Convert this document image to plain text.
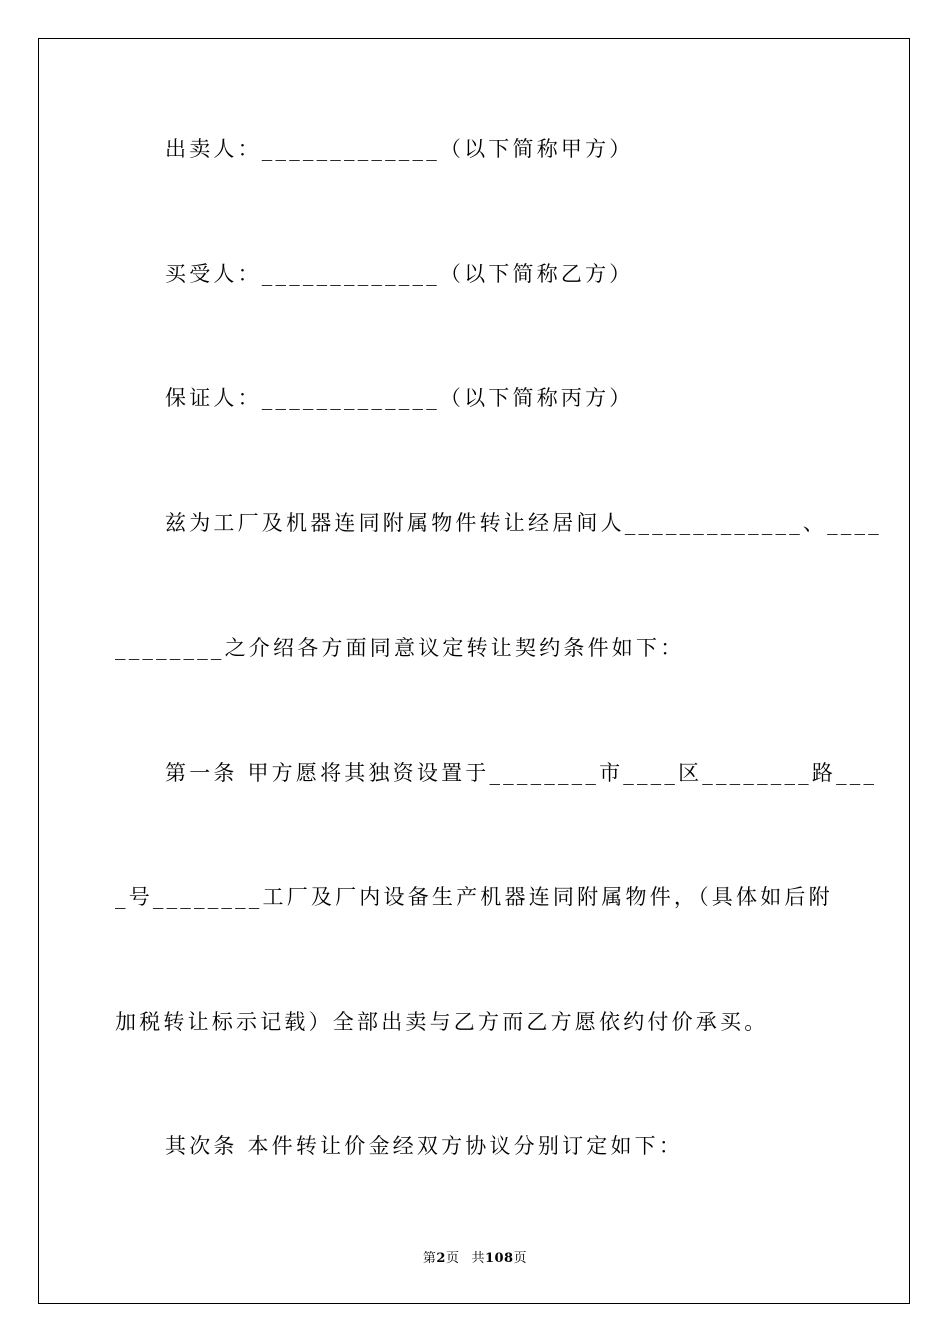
出卖人：_____________（以下简称甲方）
买受人：_____________（以下简称乙方）
保证人：_____________（以下简称丙方）
兹为工厂及机器连同附属物件转让经居间人_____________、____
________之介绍各方面同意议定转让契约条件如下：
第一条 甲方愿将其独资设置于________市____区________路___
_号________工厂及厂内设备生产机器连同附属物件，（具体如后附
加税转让标示记载）全部出卖与乙方而乙方愿依约付价承买。
其次条 本件转让价金经双方协议分别订定如下：
第2页 共108页
